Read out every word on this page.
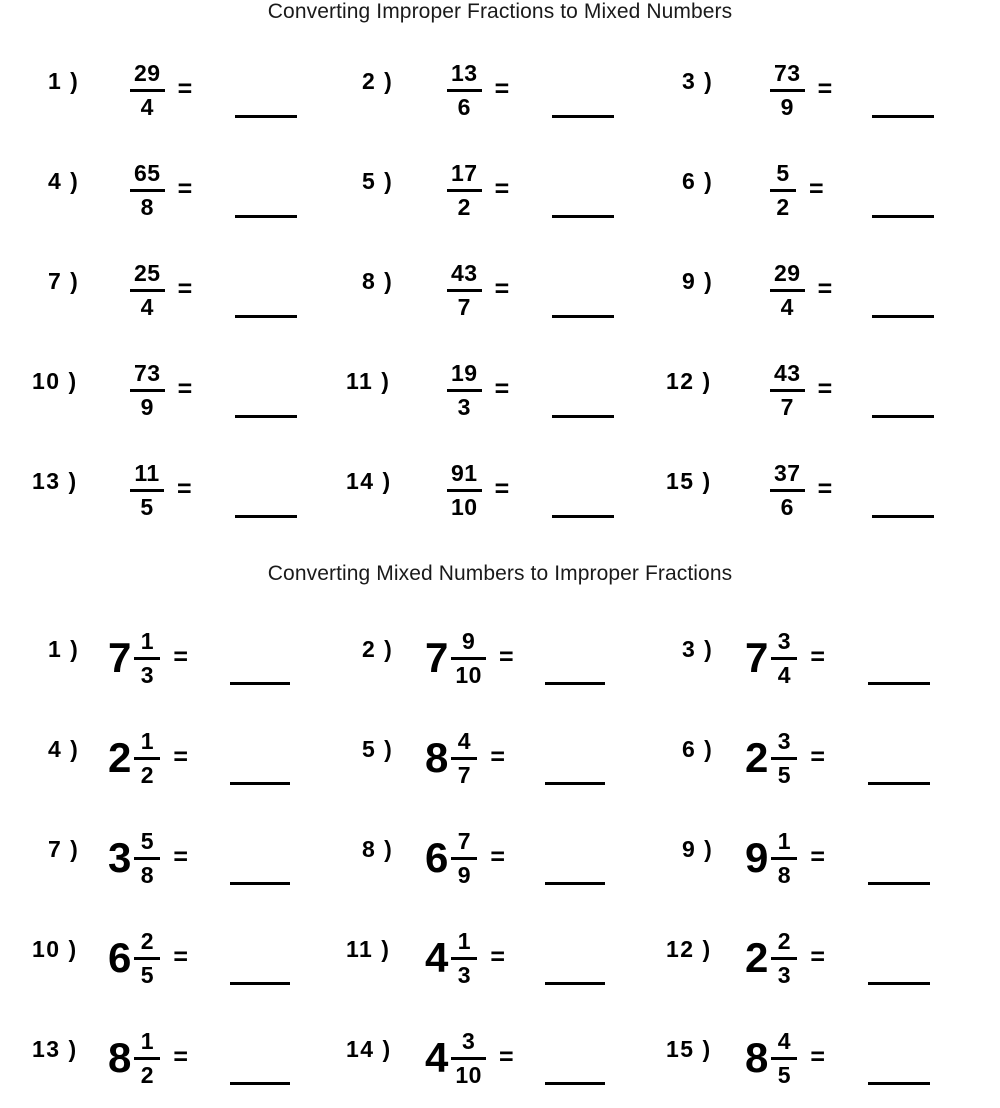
Converting Improper Fractions to Mixed Numbers
1 ) $\frac{29}{4}$ =	2 ) $\frac{13}{6}$ =	3 ) $\frac{73}{9}$ =
4 ) $\frac{65}{8}$ =	5 ) $\frac{17}{2}$ =	6 ) $\frac{5}{2}$ =
7 ) $\frac{25}{4}$ =	8 ) $\frac{43}{7}$ =	9 ) $\frac{29}{4}$ =
10 ) $\frac{73}{9}$ =	11 ) $\frac{19}{3}$ =	12 )	$\frac{43}{7}$ =
13 ) $\frac{11}{5}$ =	14 ) $\frac{91}{10}$ =	15 )	$\frac{37}{6}$ =
Converting Mixed Numbers to Improper Fractions
1 ) $7 \frac{1}{3}$ =	2 ) $7 \frac{9}{10}$ =	3 ) $7 \frac{3}{4}$ =
4 ) $2 \frac{1}{2}$ =	5 ) $8 \frac{4}{7}$ =	6 ) $2 \frac{3}{5}$ =
7 ) $3 \frac{5}{8}$ =	8 ) $6 \frac{7}{9}$ =	9 ) $9 \frac{1}{8}$ =
10 ) $6 \frac{2}{5}$ =	11 ) $4 \frac{1}{3}$ =	12 ) $2 \frac{2}{3}$ =
13 ) $8 \frac{1}{2}$ =	14 ) $4 \frac{3}{10}$ =	15 ) $8 \frac{4}{5}$ =
